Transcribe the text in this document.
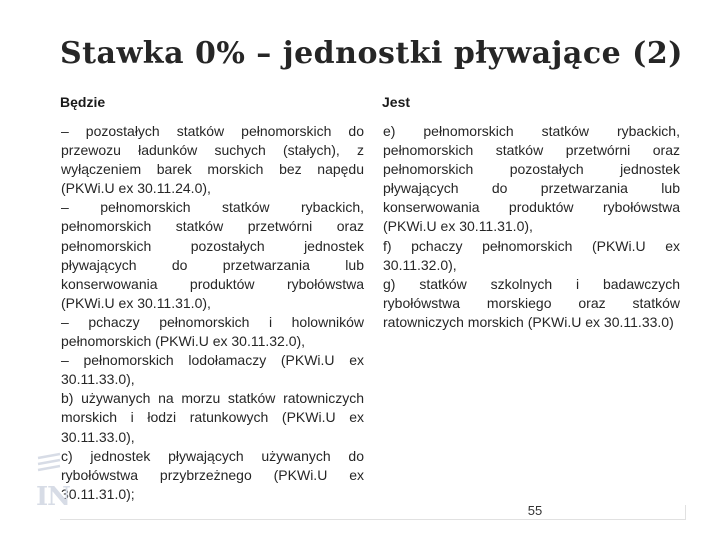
Stawka 0% – jednostki pływające (2)
Będzie	Jest
– pozostałych statków pełnomorskich do przewozu ładunków suchych (stałych), z wyłączeniem barek morskich bez napędu (PKWi.U ex 30.11.24.0),
– pełnomorskich statków rybackich, pełnomorskich statków przetwórni oraz pełnomorskich pozostałych jednostek pływających do przetwarzania lub konserwowania produktów rybołówstwa (PKWi.U ex 30.11.31.0),
– pchaczy pełnomorskich i holowników pełnomorskich (PKWi.U ex 30.11.32.0),
– pełnomorskich lodołamaczy (PKWi.U ex 30.11.33.0),
b) używanych na morzu statków ratowniczych morskich i łodzi ratunkowych (PKWi.U ex 30.11.33.0),
c) jednostek pływających używanych do rybołówstwa przybrzeżnego (PKWi.U ex 30.11.31.0);
e) pełnomorskich statków rybackich, pełnomorskich statków przetwórni oraz pełnomorskich pozostałych jednostek pływających do przetwarzania lub konserwowania produktów rybołówstwa (PKWi.U ex 30.11.31.0),
f) pchaczy pełnomorskich (PKWi.U ex 30.11.32.0),
g) statków szkolnych i badawczych rybołówstwa morskiego oraz statków ratowniczych morskich (PKWi.U ex 30.11.33.0)
IN	55
